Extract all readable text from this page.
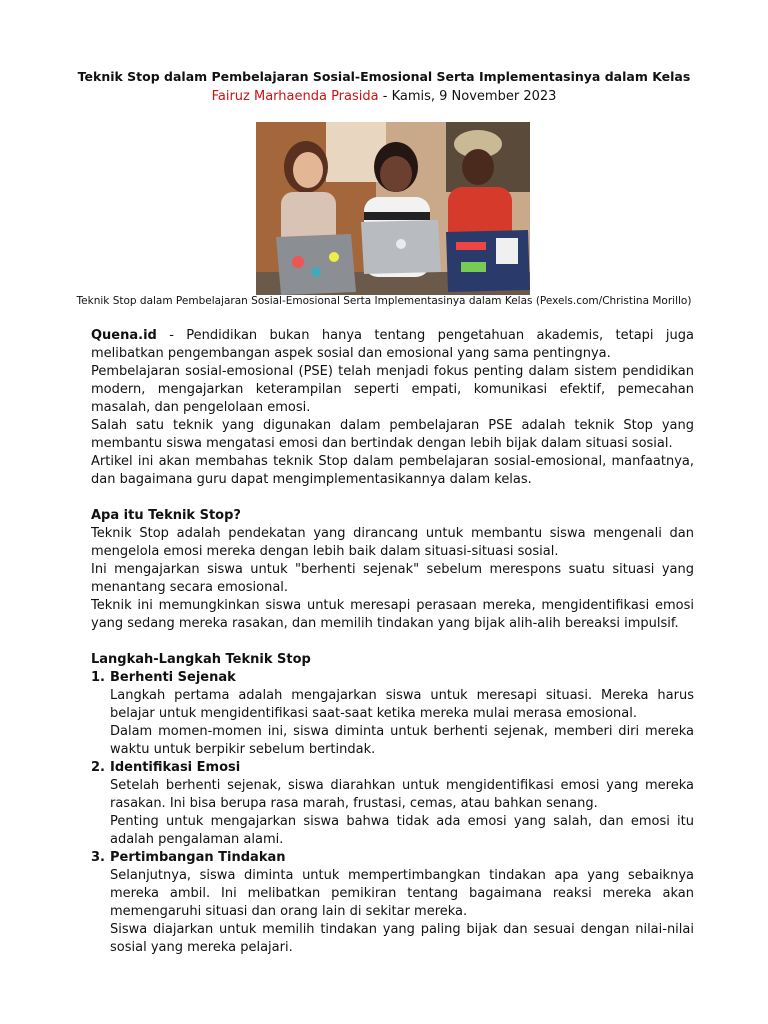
Teknik Stop dalam Pembelajaran Sosial-Emosional Serta Implementasinya dalam Kelas
Fairuz Marhaenda Prasida - Kamis, 9 November 2023
Teknik Stop dalam Pembelajaran Sosial-Emosional Serta Implementasinya dalam Kelas (Pexels.com/Christina Morillo)

Quena.id - Pendidikan bukan hanya tentang pengetahuan akademis, tetapi juga melibatkan pengembangan aspek sosial dan emosional yang sama pentingnya.

Pembelajaran sosial-emosional (PSE) telah menjadi fokus penting dalam sistem pendidikan modern, mengajarkan keterampilan seperti empati, komunikasi efektif, pemecahan masalah, dan pengelolaan emosi.

Salah satu teknik yang digunakan dalam pembelajaran PSE adalah teknik Stop yang membantu siswa mengatasi emosi dan bertindak dengan lebih bijak dalam situasi sosial.

Artikel ini akan membahas teknik Stop dalam pembelajaran sosial-emosional, manfaatnya, dan bagaimana guru dapat mengimplementasikannya dalam kelas.

Apa itu Teknik Stop?

Teknik Stop adalah pendekatan yang dirancang untuk membantu siswa mengenali dan mengelola emosi mereka dengan lebih baik dalam situasi-situasi sosial.

Ini mengajarkan siswa untuk "berhenti sejenak" sebelum merespons suatu situasi yang menantang secara emosional.

Teknik ini memungkinkan siswa untuk meresapi perasaan mereka, mengidentifikasi emosi yang sedang mereka rasakan, dan memilih tindakan yang bijak alih-alih bereaksi impulsif.

Langkah-Langkah Teknik Stop
1. Berhenti Sejenak

Langkah pertama adalah mengajarkan siswa untuk meresapi situasi. Mereka harus belajar untuk mengidentifikasi saat-saat ketika mereka mulai merasa emosional.

Dalam momen-momen ini, siswa diminta untuk berhenti sejenak, memberi diri mereka waktu untuk berpikir sebelum bertindak.

2. Identifikasi Emosi

Setelah berhenti sejenak, siswa diarahkan untuk mengidentifikasi emosi yang mereka rasakan. Ini bisa berupa rasa marah, frustasi, cemas, atau bahkan senang.

Penting untuk mengajarkan siswa bahwa tidak ada emosi yang salah, dan emosi itu adalah pengalaman alami.

3. Pertimbangan Tindakan

Selanjutnya, siswa diminta untuk mempertimbangkan tindakan apa yang sebaiknya mereka ambil. Ini melibatkan pemikiran tentang bagaimana reaksi mereka akan memengaruhi situasi dan orang lain di sekitar mereka.

Siswa diajarkan untuk memilih tindakan yang paling bijak dan sesuai dengan nilai-nilai sosial yang mereka pelajari.
